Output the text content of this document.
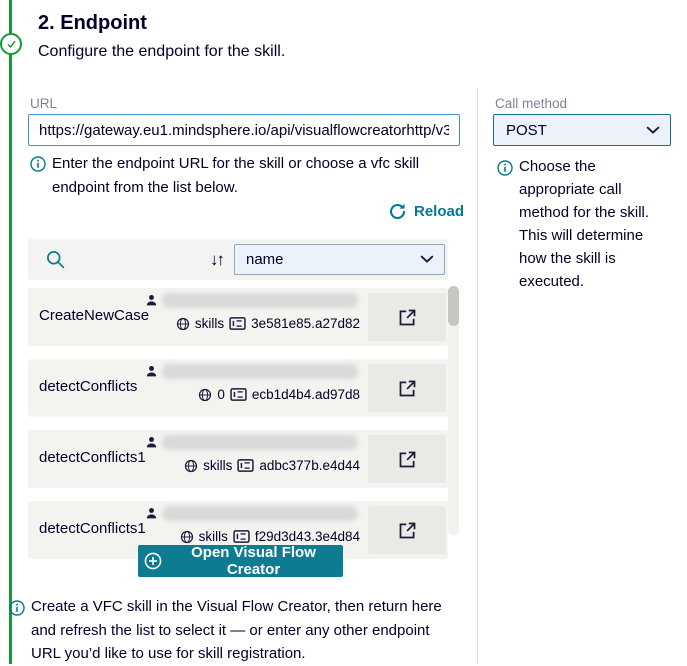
2. Endpoint
Configure the endpoint for the skill.
URL
https://gateway.eu1.mindsphere.io/api/visualflowcreatorhttp/v3/s...
Enter the endpoint URL for the skill or choose a vfc skill endpoint from the list below.
Reload
↓↑ name
CreateNewCase	skills 3e581e85.a27d82
detectConflicts	0 ecb1d4b4.ad97d8
detectConflicts1	skills adbc377b.e4d44
detectConflicts1	skills f29d3d43.3e4d84
Open Visual Flow Creator
Create a VFC skill in the Visual Flow Creator, then return here and refresh the list to select it — or enter any other endpoint URL you’d like to use for skill registration.
Call method
POST
Choose the appropriate call method for the skill. This will determine how the skill is executed.
